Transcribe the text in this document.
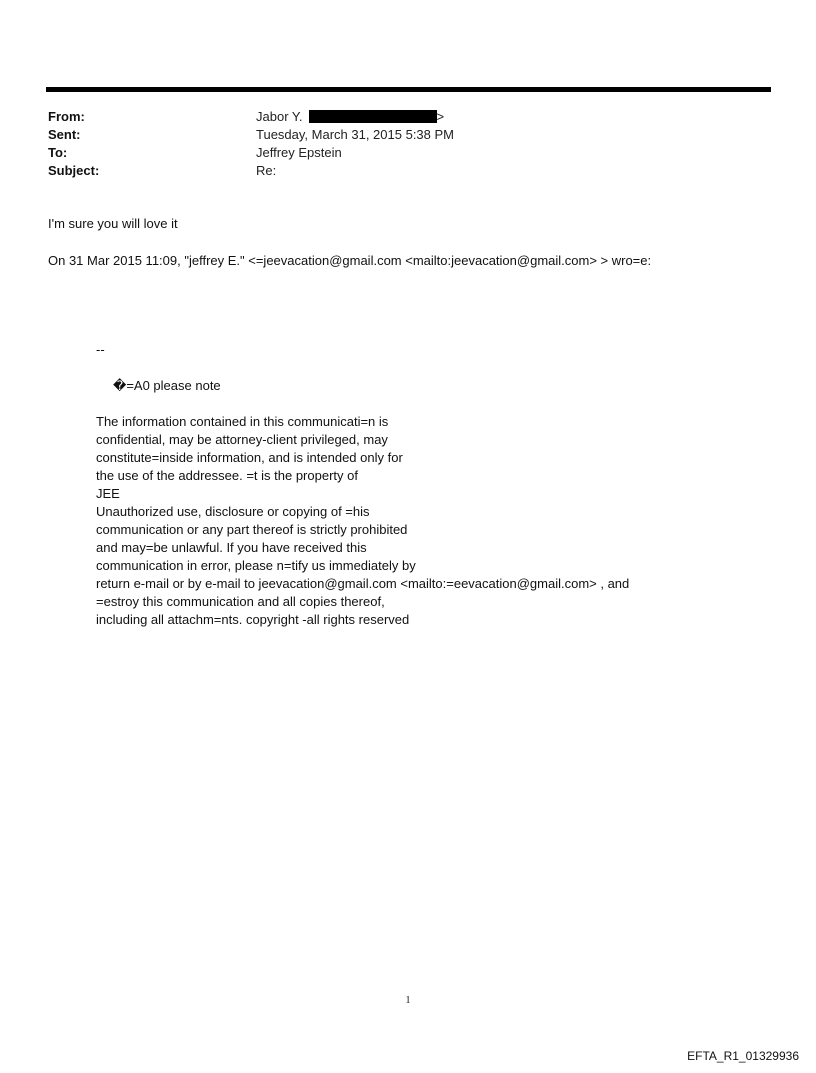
From:	Jabor Y.	>
Sent:	Tuesday, March 31, 2015 5:38 PM
To:	Jeffrey Epstein
Subject:	Re:
I'm sure you will love it
On 31 Mar 2015 11:09, "jeffrey E." <=jeevacation@gmail.com <mailto:jeevacation@gmail.com> > wro=e:
--
�=A0 please note
The information contained in this communicati=n is
confidential, may be attorney-client privileged, may
constitute=inside information, and is intended only for
the use of the addressee. =t is the property of
JEE
Unauthorized use, disclosure or copying of =his
communication or any part thereof is strictly prohibited
and may=be unlawful. If you have received this
communication in error, please n=tify us immediately by
return e-mail or by e-mail to jeevacation@gmail.com <mailto:=eevacation@gmail.com> , and
=estroy this communication and all copies thereof,
including all attachm=nts. copyright -all rights reserved
1
EFTA_R1_01329936
